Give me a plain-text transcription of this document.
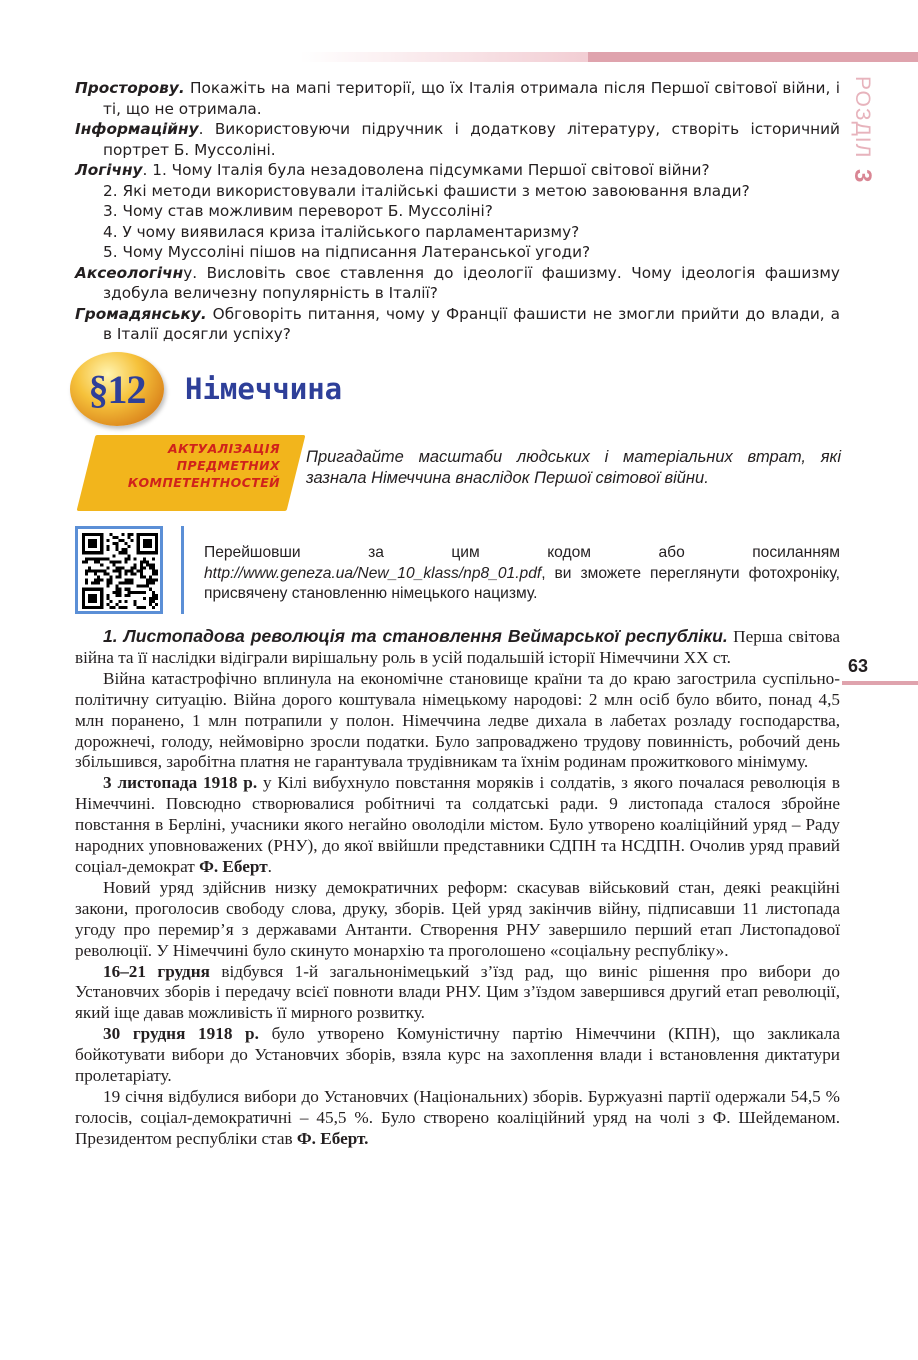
РОЗДІЛ 3
63

Просторову. Покажіть на мапі території, що їх Італія отримала після Першої світової війни, і ті, що не отримала.

Інформаційну. Використовуючи підручник і додаткову літературу, створіть історичний портрет Б. Муссоліні.

Логічну. 1. Чому Італія була незадоволена підсумками Першої світової війни?

2. Які методи використовували італійські фашисти з метою завоювання влади?

3. Чому став можливим переворот Б. Муссоліні?

4. У чому виявилася криза італійського парламентаризму?

5. Чому Муссоліні пішов на підписання Латеранської угоди?

Аксеологічну. Висловіть своє ставлення до ідеології фашизму. Чому ідеологія фашизму здобула величезну популярність в Італії?

Громадянську. Обговоріть питання, чому у Франції фашисти не змогли прийти до влади, а в Італії досягли успіху?

§12	Німеччина
АКТУАЛІЗАЦІЯ
ПРЕДМЕТНИХ
КОМПЕТЕНТНОСТЕЙ
Пригадайте масштаби людських і матеріальних втрат, які зазнала Німеччина внаслідок Першої світової війни.
Перейшовши за цим кодом або посиланням http://www.geneza.ua/New_10_klass/np8_01.pdf, ви зможете переглянути фотохроніку, присвячену становленню німецького нацизму.

1. Листопадова революція та становлення Веймарської республіки. Перша світова війна та її наслідки відіграли вирішальну роль в усій подальшій історії Німеччини ХХ ст.

Війна катастрофічно вплинула на економічне становище країни та до краю загострила суспільно-політичну ситуацію. Війна дорого коштувала німецькому народові: 2 млн осіб було вбито, понад 4,5 млн поранено, 1 млн потрапили у полон. Німеччина ледве дихала в лабетах розладу господарства, дорожнечі, голоду, неймовірно зросли податки. Було запроваджено трудову повинність, робочий день збільшився, заробітна платня не гарантувала трудівникам та їхнім родинам прожиткового мінімуму.

3 листопада 1918 р. у Кілі вибухнуло повстання моряків і солдатів, з якого почалася революція в Німеччині. Повсюдно створювалися робітничі та солдатські ради. 9 листопада сталося збройне повстання в Берліні, учасники якого негайно оволоділи містом. Було утворено коаліційний уряд – Раду народних уповноважених (РНУ), до якої ввійшли представники СДПН та НСДПН. Очолив уряд правий соціал-демократ Ф. Еберт.

Новий уряд здійснив низку демократичних реформ: скасував військовий стан, деякі реакційні закони, проголосив свободу слова, друку, зборів. Цей уряд закінчив війну, підписавши 11 листопада угоду про перемир’я з державами Антанти. Створення РНУ завершило перший етап Листопадової революції. У Німеччині було скинуто монархію та проголошено «соціальну республіку».

16–21 грудня відбувся 1-й загальнонімецький з’їзд рад, що виніс рішення про вибори до Установчих зборів і передачу всієї повноти влади РНУ. Цим з’їздом завершився другий етап революції, який іще давав можливість її мирного розвитку.

30 грудня 1918 р. було утворено Комуністичну партію Німеччини (КПН), що закликала бойкотувати вибори до Установчих зборів, взяла курс на захоплення влади і встановлення диктатури пролетаріату.

19 січня відбулися вибори до Установчих (Національних) зборів. Буржуазні партії одержали 54,5 % голосів, соціал-демократичні – 45,5 %. Було створено коаліційний уряд на чолі з Ф. Шейдеманом. Президентом республіки став Ф. Еберт.
